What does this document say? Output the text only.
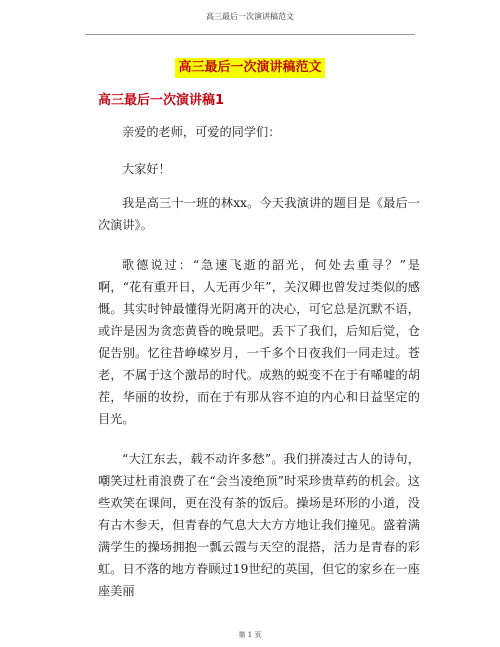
高三最后一次演讲稿范文
高三最后一次演讲稿范文
高三最后一次演讲稿1

亲爱的老师，可爱的同学们：

大家好！

我是高三十一班的林xx。今天我演讲的题目是《最后一次演讲》。

歌德说过：“急速飞逝的韶光，何处去重寻？”是啊，“花有重开日，人无再少年”，关汉卿也曾发过类似的感慨。其实时钟最懂得光阴离开的决心，可它总是沉默不语，或许是因为贪恋黄昏的晚景吧。丢下了我们，后知后觉，仓促告别。忆往昔峥嵘岁月，一千多个日夜我们一同走过。苍老，不属于这个激昂的时代。成熟的蜕变不在于有唏嘘的胡茬，华丽的妆扮，而在于有那从容不迫的内心和日益坚定的目光。

“大江东去，载不动许多愁”。我们拼凑过古人的诗句，嘲笑过杜甫浪费了在“会当凌绝顶”时采珍贵草药的机会。这些欢笑在课间，更在没有茶的饭后。操场是环形的小道，没有古木参天，但青春的气息大大方方地让我们撞见。盛着满满学生的操场拥抱一瓢云霞与天空的混搭，活力是青春的彩虹。日不落的地方眷顾过19世纪的英国，但它的家乡在一座座美丽

第 1 页
